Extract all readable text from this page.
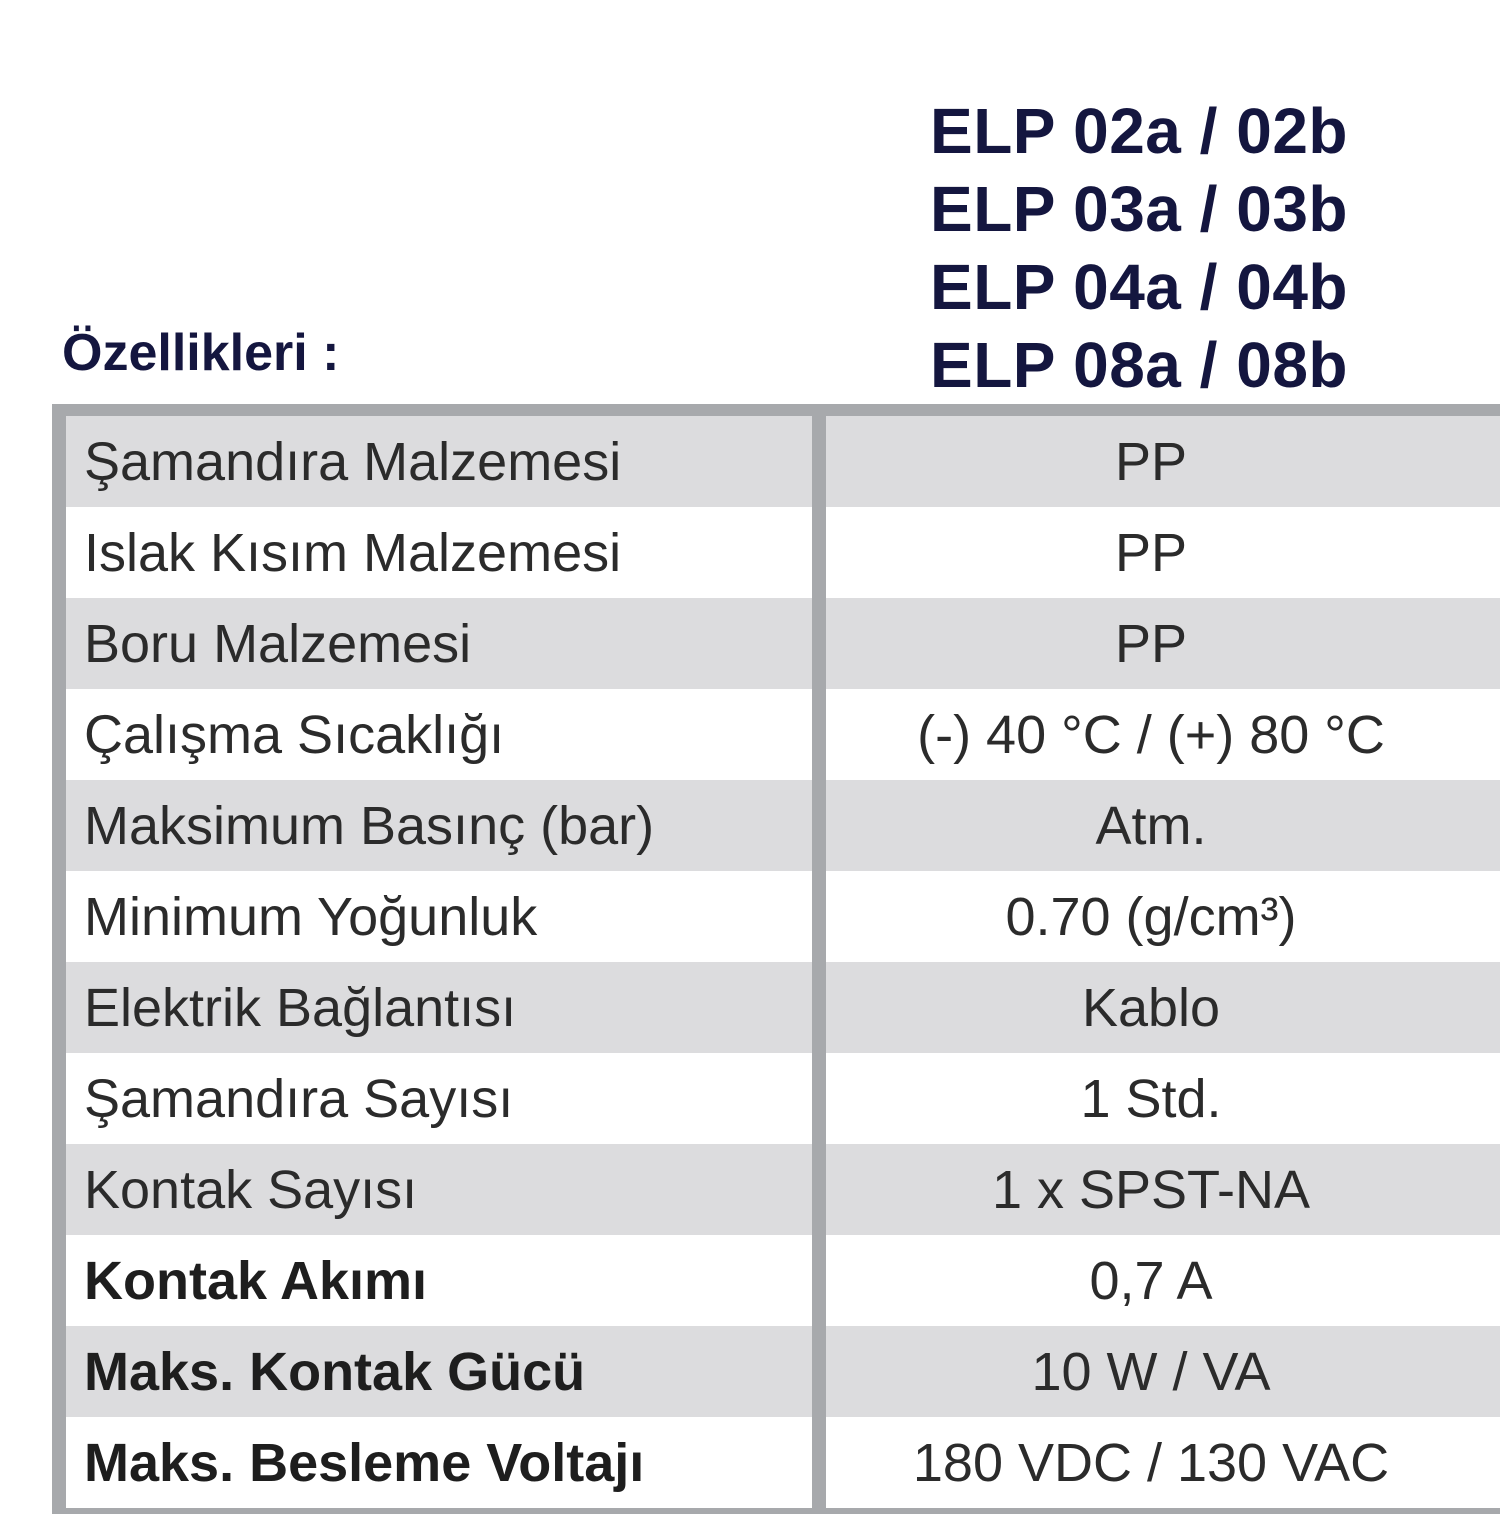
ELP 02a / 02b
ELP 03a / 03b
ELP 04a / 04b
ELP 08a / 08b
Özellikleri :
Şamandıra Malzemesi	PP
Islak Kısım Malzemesi	PP
Boru Malzemesi	PP
Çalışma Sıcaklığı	(-) 40 °C / (+) 80 °C
Maksimum Basınç (bar)	Atm.
Minimum Yoğunluk	0.70 (g/cm³)
Elektrik Bağlantısı	Kablo
Şamandıra Sayısı	1 Std.
Kontak Sayısı	1 x SPST-NA
Kontak Akımı	0,7 A
Maks. Kontak Gücü	10 W / VA
Maks. Besleme Voltajı	180 VDC / 130 VAC
